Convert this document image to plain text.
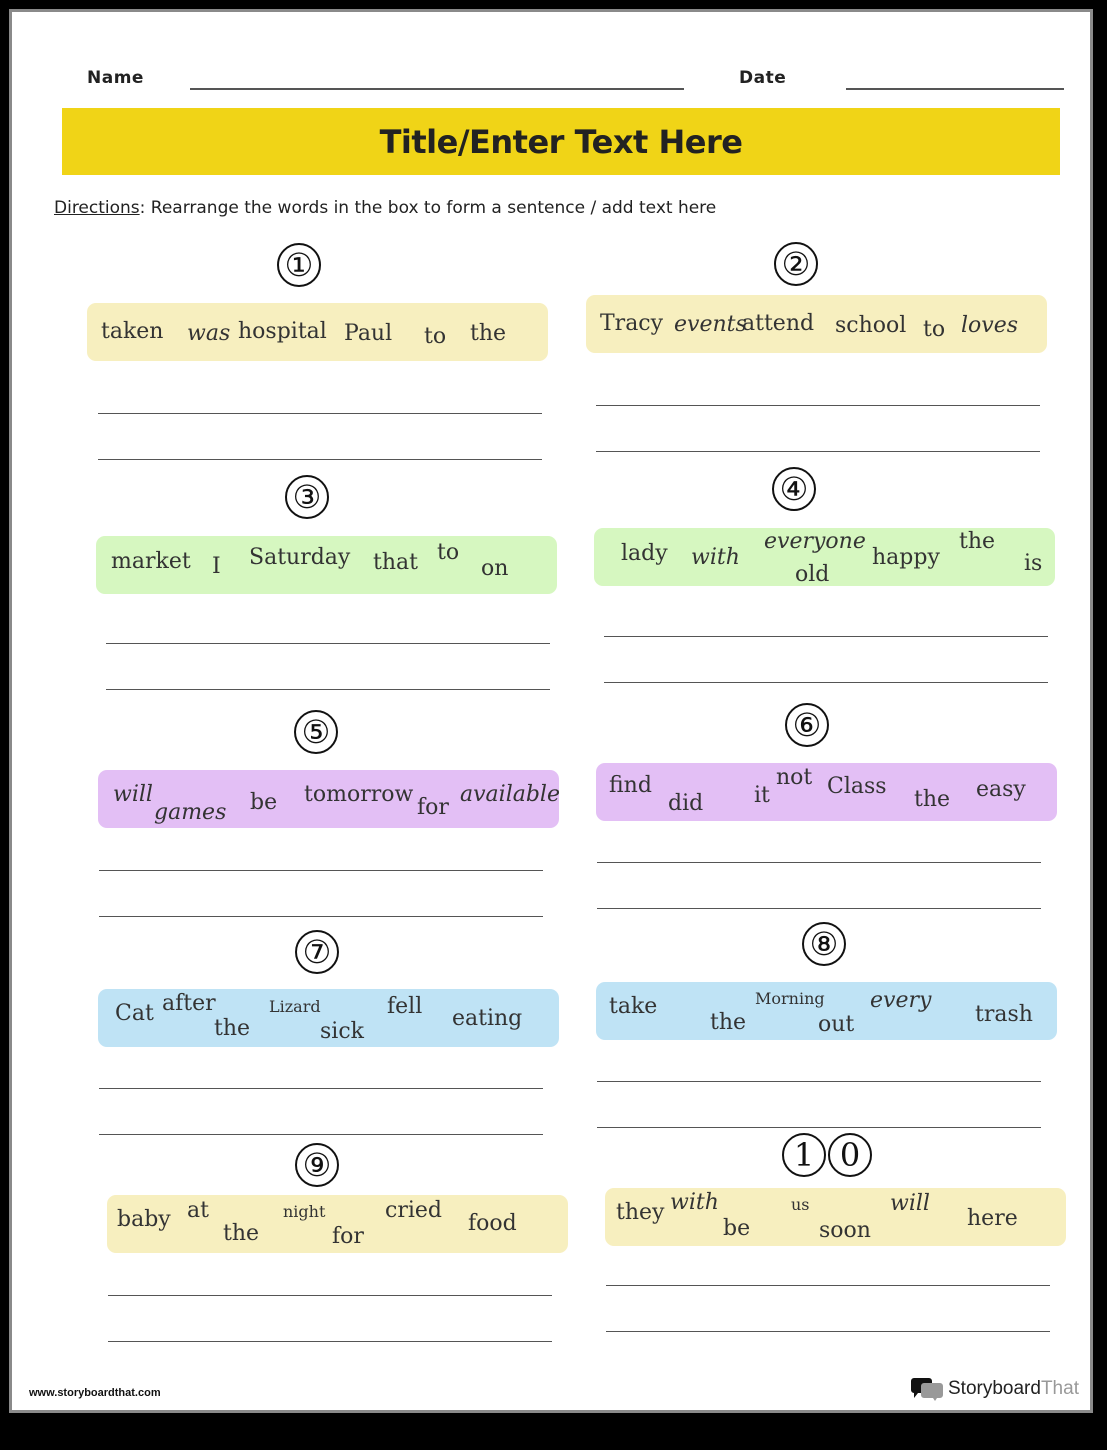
Name	Date
Title/Enter Text Here
Directions: Rearrange the words in the box to form a sentence / add text here
①
taken was hospital Paul to the
②
Tracy events
attend school to loves
③
market I Saturday that to
on
④
lady with
everyone
old
happy
the
is
⑤
will
games be tomorrow
for
available
⑥
find
did it
not Class
the easy
⑦
Cat after
the
Lizard
sick
fell eating
⑧
take
the
Morning
out
every
trash
⑨
baby at
the
night
for
cried
food
1 0
they with
be
us
soon
will
here
www.storyboardthat.com	StoryboardThat
